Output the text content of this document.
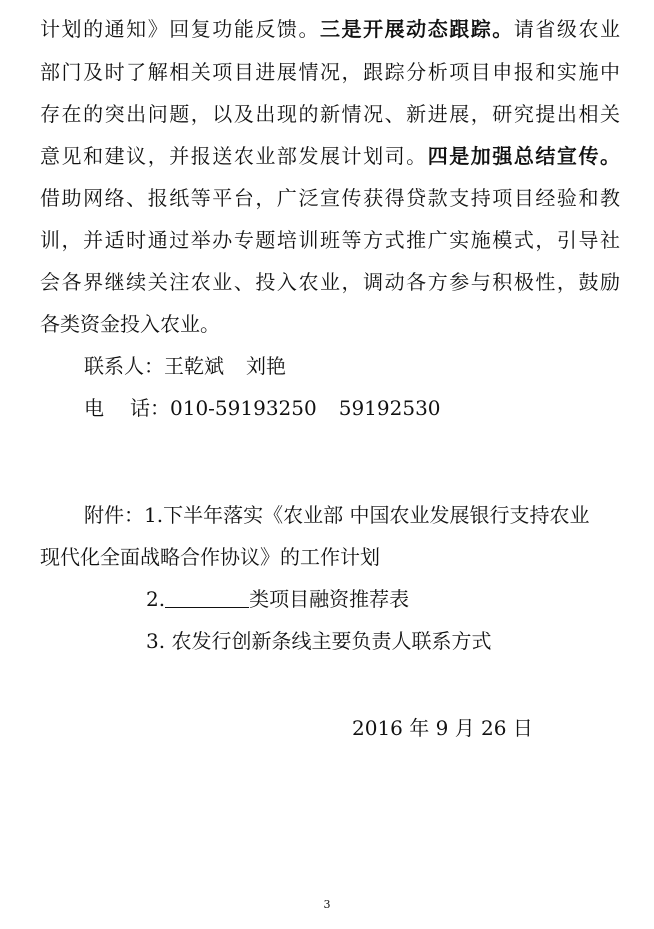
计划的通知》回复功能反馈。三是开展动态跟踪。请省级农业
部门及时了解相关项目进展情况，跟踪分析项目申报和实施中
存在的突出问题，以及出现的新情况、新进展，研究提出相关
意见和建议，并报送农业部发展计划司。四是加强总结宣传。
借助网络、报纸等平台，广泛宣传获得贷款支持项目经验和教
训，并适时通过举办专题培训班等方式推广实施模式，引导社
会各界继续关注农业、投入农业，调动各方参与积极性，鼓励
各类资金投入农业。
联系人：王乾斌 刘艳
电 话：010-59193250 59192530
附件：1.下半年落实《农业部 中国农业发展银行支持农业
现代化全面战略合作协议》的工作计划
2.	类项目融资推荐表
3. 农发行创新条线主要负责人联系方式
2016 年 9 月 26 日
3
